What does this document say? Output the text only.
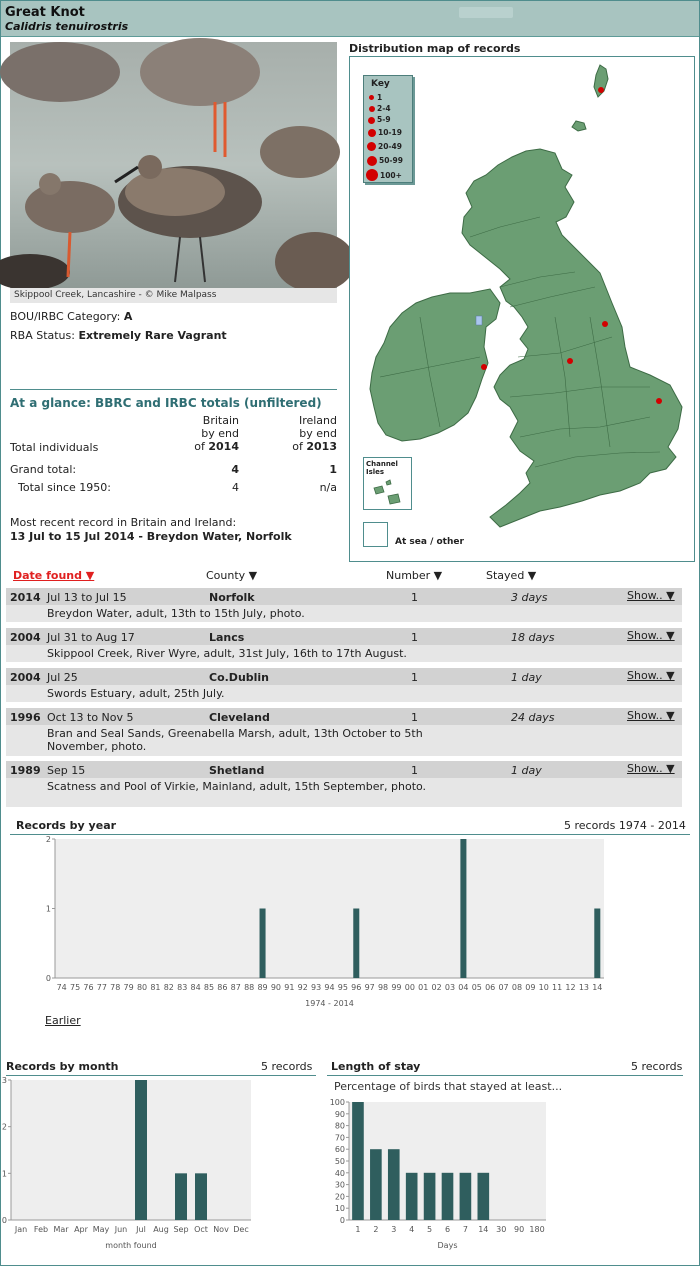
Great Knot
Calidris tenuirostris
Skippool Creek, Lancashire - © Mike Malpass
BOU/IRBC Category: A
RBA Status: Extremely Rare Vagrant
At a glance: BBRC and IRBC totals (unfiltered)
Britain
by end
of 2014
Ireland
by end
of 2013
Total individuals
Grand total:	4	1
Total since 1950:	4	n/a
Most recent record in Britain and Ireland:
13 Jul to 15 Jul 2014 - Breydon Water, Norfolk
Distribution map of records
Key
1
2-4
5-9
10-19
20-49
50-99
100+
Channel Isles
At sea / other
Date found ▼	County ▼	Number ▼	Stayed ▼
2014 Jul 13 to Jul 15	Norfolk	1	3 days	Show.. ▼
Breydon Water, adult, 13th to 15th July, photo.
2004 Jul 31 to Aug 17	Lancs	1	18 days	Show.. ▼
Skippool Creek, River Wyre, adult, 31st July, 16th to 17th August.
2004 Jul 25	Co.Dublin	1	1 day	Show.. ▼
Swords Estuary, adult, 25th July.
1996 Oct 13 to Nov 5	Cleveland	1	24 days	Show.. ▼
Bran and Seal Sands, Greenabella Marsh, adult, 13th October to 5th November, photo.
1989 Sep 15	Shetland	1	1 day	Show.. ▼
Scatness and Pool of Virkie, Mainland, adult, 15th September, photo.
Records by year	5 records 1974 - 2014
0
1
2
74 75 76 77 78 79 80 81 82 83 84 85 86 87 88 89 90 91 92 93 94 95 96 97 98 99 00 01 02 03 04 05 06 07 08 09 10 11 12 13 14
1974 - 2014
Earlier
Records by month	5 records
0
1
2
3
Jan Feb Mar Apr May Jun Jul Aug Sep Oct Nov Dec
month found
Length of stay	5 records
0
10
20
30
40
50
60
70
80
90
100
1 2 3 4 5 6 7 14 30 90 180
Days
Percentage of birds that stayed at least...
